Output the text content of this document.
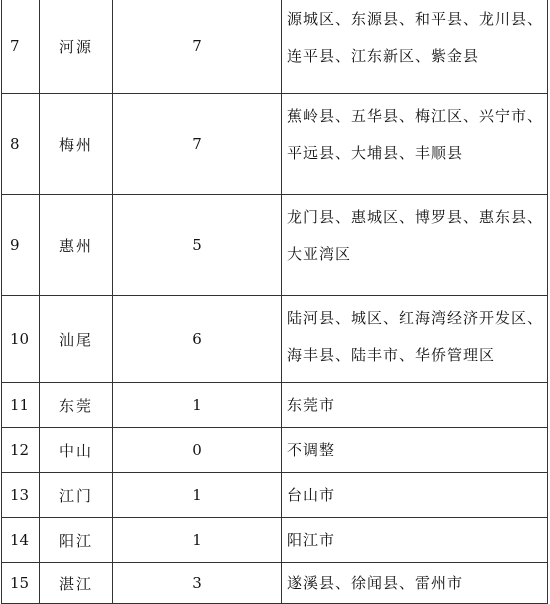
7	河源	7	源城区、东源县、和平县、龙川县、
连平县、江东新区、紫金县

8	梅州	7	蕉岭县、五华县、梅江区、兴宁市、
平远县、大埔县、丰顺县

9	惠州	5	龙门县、惠城区、博罗县、惠东县、
大亚湾区

10	汕尾	6	陆河县、城区、红海湾经济开发区、
海丰县、陆丰市、华侨管理区

11	东莞	1	东莞市
12	中山	0	不调整
13	江门	1	台山市
14	阳江	1	阳江市
15	湛江	3	遂溪县、徐闻县、雷州市
